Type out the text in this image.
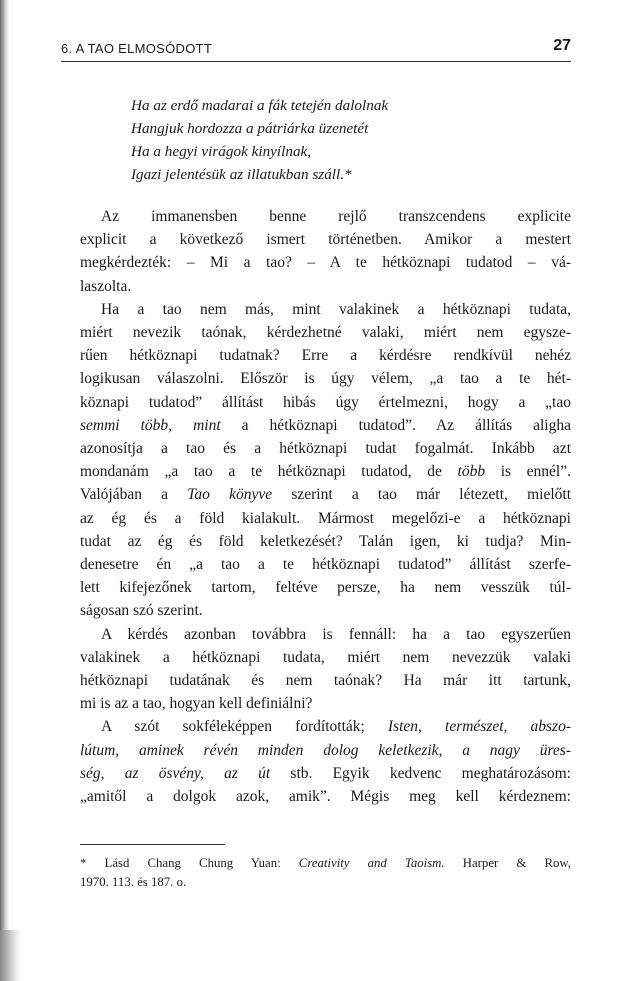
6. A TAO ELMOSÓDOTT	27
Ha az erdő madarai a fák tetején dalolnak
Hangjuk hordozza a pátriárka üzenetét
Ha a hegyi virágok kinyílnak,
Igazi jelentésük az illatukban száll.*
Az immanensben benne rejlő transzcendens explicite
explicit a következő ismert történetben. Amikor a mestert
megkérdezték: – Mi a tao? – A te hétköznapi tudatod – vá-
laszolta.
Ha a tao nem más, mint valakinek a hétköznapi tudata,
miért nevezik taónak, kérdezhetné valaki, miért nem egysze-
rűen hétköznapi tudatnak? Erre a kérdésre rendkívül nehéz
logikusan válaszolni. Először is úgy vélem, „a tao a te hét-
köznapi tudatod” állítást hibás úgy értelmezni, hogy a „tao
semmi több, mint a hétköznapi tudatod”. Az állítás aligha
azonosítja a tao és a hétköznapi tudat fogalmát. Inkább azt
mondanám „a tao a te hétköznapi tudatod, de több is ennél”.
Valójában a Tao könyve szerint a tao már létezett, mielőtt
az ég és a föld kialakult. Mármost megelőzi-e a hétköznapi
tudat az ég és föld keletkezését? Talán igen, ki tudja? Min-
denesetre én „a tao a te hétköznapi tudatod” állítást szerfe-
lett kifejezőnek tartom, feltéve persze, ha nem vesszük túl-
ságosan szó szerint.
A kérdés azonban továbbra is fennáll: ha a tao egyszerűen
valakinek a hétköznapi tudata, miért nem nevezzük valaki
hétköznapi tudatának és nem taónak? Ha már itt tartunk,
mi is az a tao, hogyan kell definiálni?
A szót sokféleképpen fordították; Isten, természet, abszo-
lútum, aminek révén minden dolog keletkezik, a nagy üres-
ség, az ösvény, az út stb. Egyik kedvenc meghatározásom:
„amitől a dolgok azok, amik”. Mégis meg kell kérdeznem:
* Lásd Chang Chung Yuan: Creativity and Taoism. Harper & Row,
1970. 113. és 187. o.
